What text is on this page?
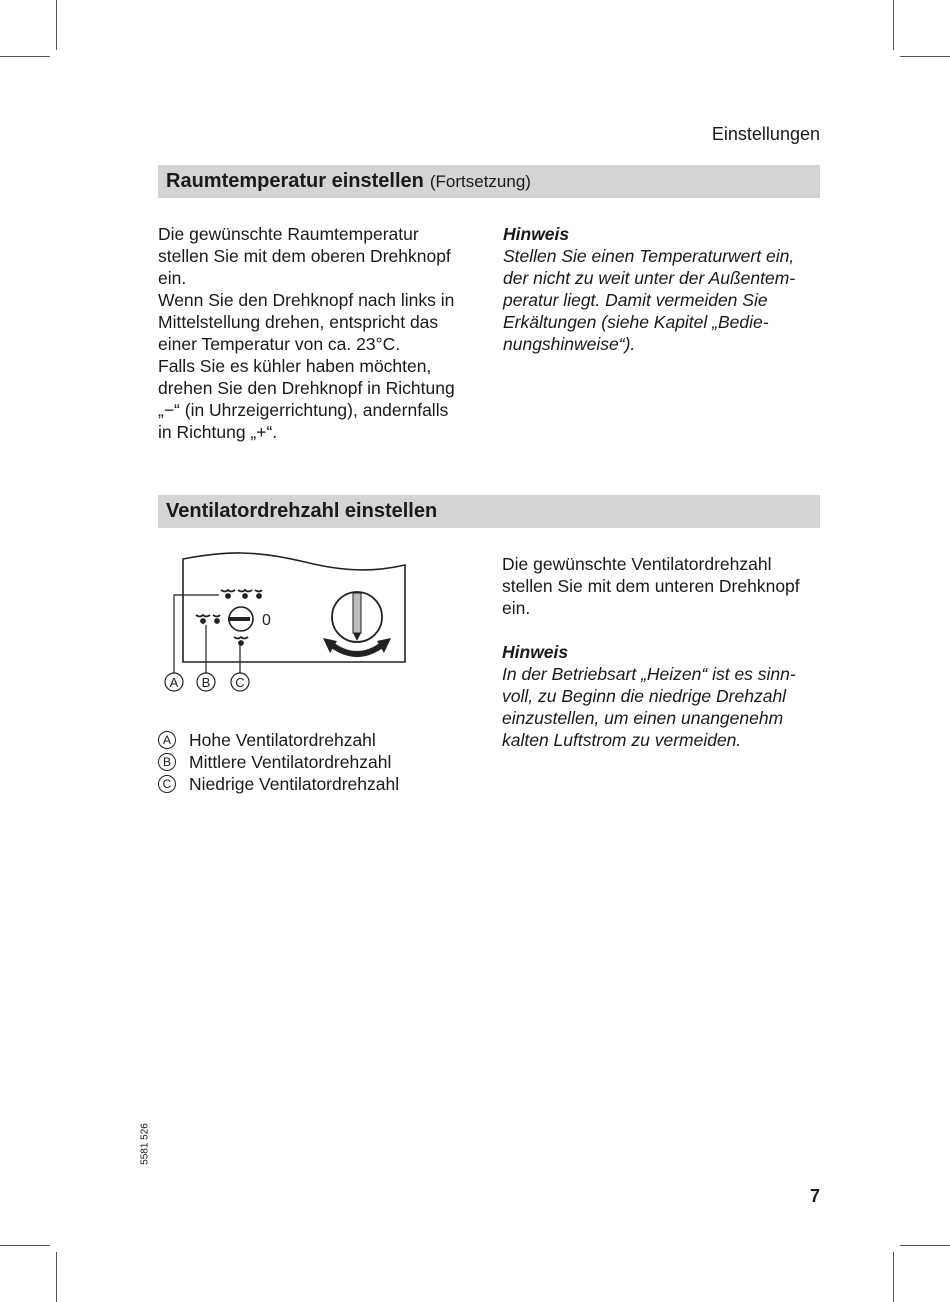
Einstellungen
Raumtemperatur einstellen (Fortsetzung)

Die gewünschte Raumtemperatur

stellen Sie mit dem oberen Drehknopf

ein.

Wenn Sie den Drehknopf nach links in

Mittelstellung drehen, entspricht das

einer Temperatur von ca. 23°C.

Falls Sie es kühler haben möchten,

drehen Sie den Drehknopf in Richtung

„−“ (in Uhrzeigerrichtung), andernfalls

in Richtung „+“.

Hinweis

Stellen Sie einen Temperaturwert ein,

der nicht zu weit unter der Außentem-

peratur liegt. Damit vermeiden Sie

Erkältungen (siehe Kapitel „Bedie-

nungshinweise“).

Ventilatordrehzahl einstellen
0
A B C
A Hohe Ventilatordrehzahl
B Mittlere Ventilatordrehzahl
C Niedrige Ventilatordrehzahl

Die gewünschte Ventilatordrehzahl

stellen Sie mit dem unteren Drehknopf

ein.

Hinweis

In der Betriebsart „Heizen“ ist es sinn-

voll, zu Beginn die niedrige Drehzahl

einzustellen, um einen unangenehm

kalten Luftstrom zu vermeiden.

5581 526
7
